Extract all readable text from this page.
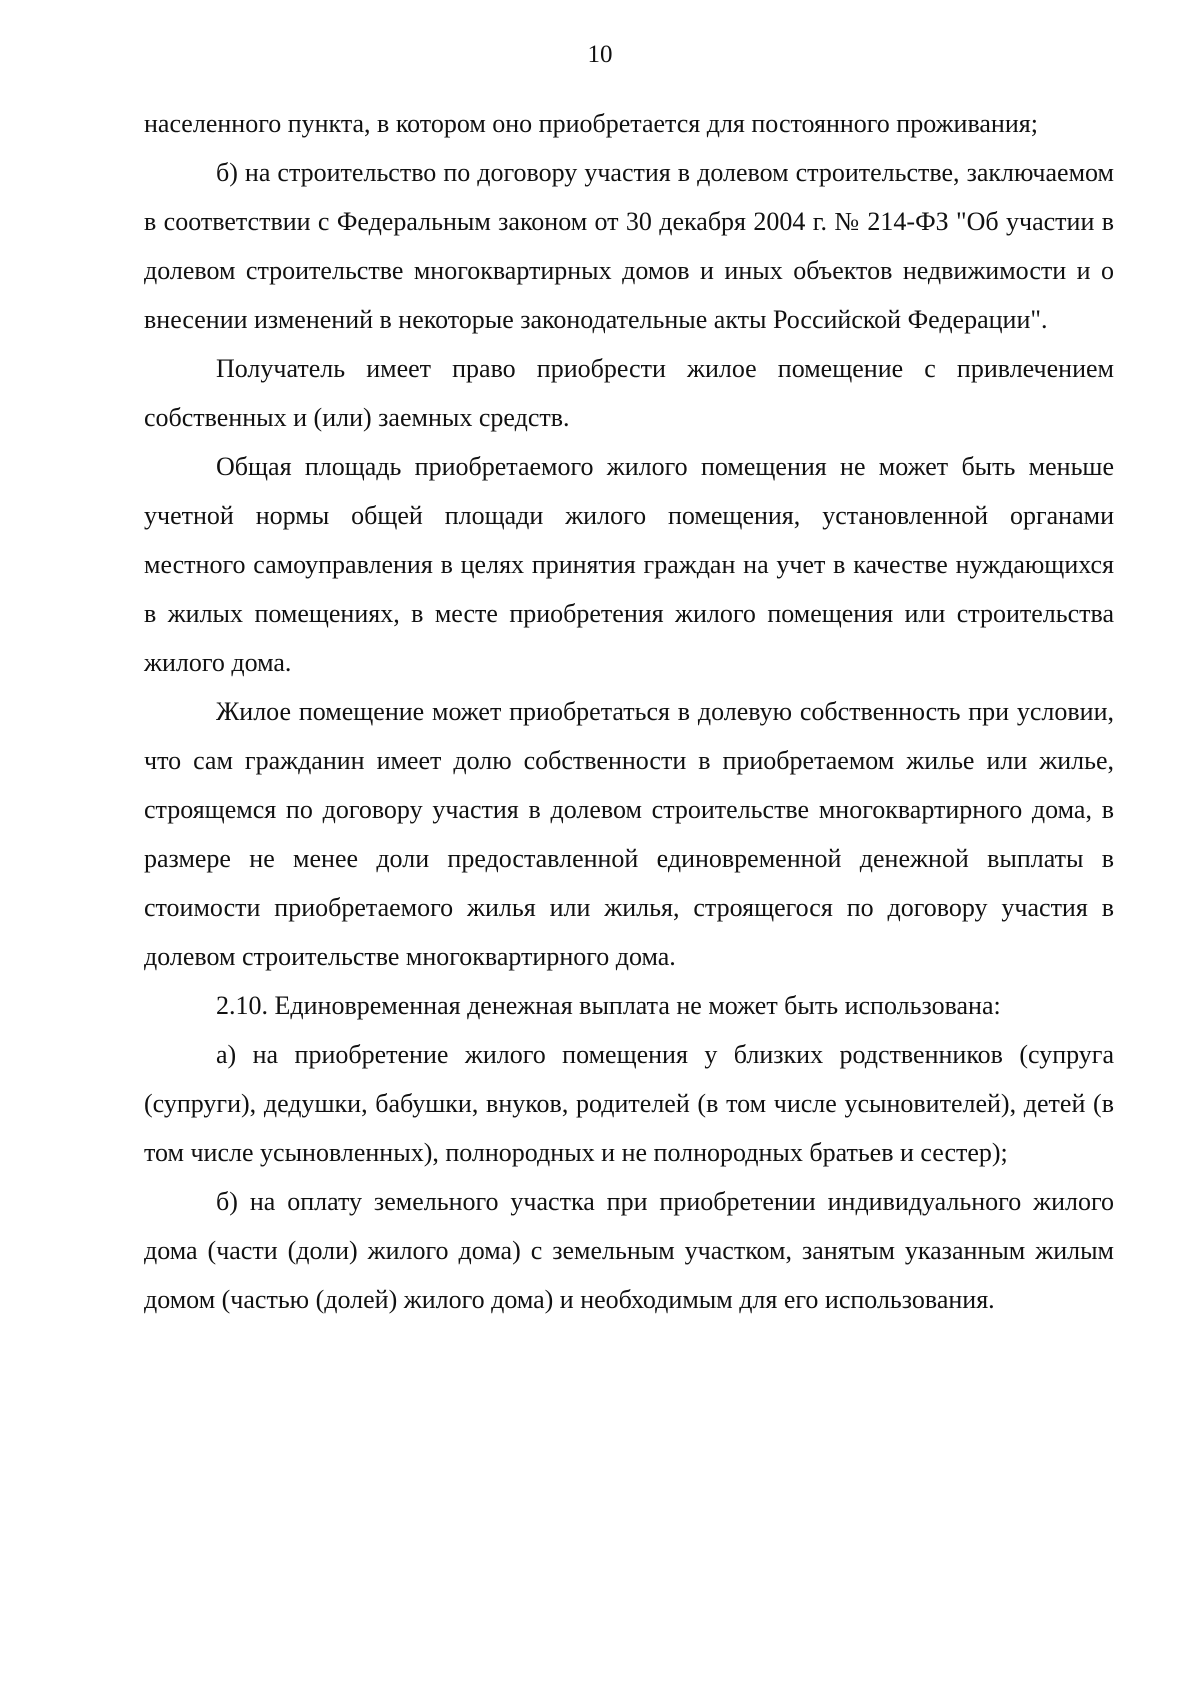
10

населенного пункта, в котором оно приобретается для постоянного проживания;

б) на строительство по договору участия в долевом строительстве, заключаемом в соответствии с Федеральным законом от 30 декабря 2004 г. № 214-ФЗ "Об участии в долевом строительстве многоквартирных домов и иных объектов недвижимости и о внесении изменений в некоторые законодательные акты Российской Федерации".

Получатель имеет право приобрести жилое помещение с привлечением собственных и (или) заемных средств.

Общая площадь приобретаемого жилого помещения не может быть меньше учетной нормы общей площади жилого помещения, установленной органами местного самоуправления в целях принятия граждан на учет в качестве нуждающихся в жилых помещениях, в месте приобретения жилого помещения или строительства жилого дома.

Жилое помещение может приобретаться в долевую собственность при условии, что сам гражданин имеет долю собственности в приобретаемом жилье или жилье, строящемся по договору участия в долевом строительстве многоквартирного дома, в размере не менее доли предоставленной единовременной денежной выплаты в стоимости приобретаемого жилья или жилья, строящегося по договору участия в долевом строительстве многоквартирного дома.

2.10. Единовременная денежная выплата не может быть использована:

а) на приобретение жилого помещения у близких родственников (супруга (супруги), дедушки, бабушки, внуков, родителей (в том числе усыновителей), детей (в том числе усыновленных), полнородных и не полнородных братьев и сестер);

б) на оплату земельного участка при приобретении индивидуального жилого дома (части (доли) жилого дома) с земельным участком, занятым указанным жилым домом (частью (долей) жилого дома) и необходимым для его использования.
